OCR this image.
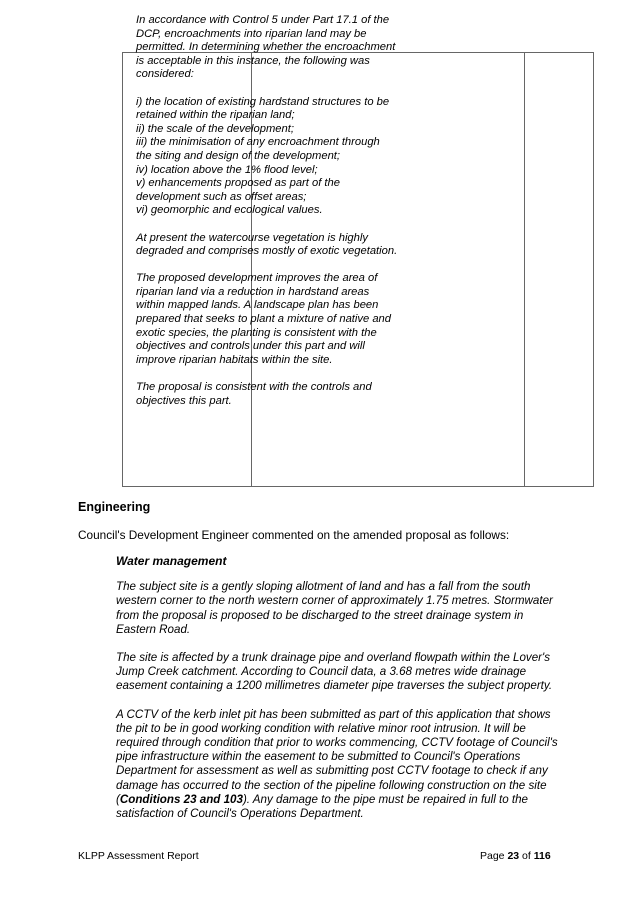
In accordance with Control 5 under Part 17.1 of the DCP, encroachments into riparian land may be permitted. In determining whether the encroachment is acceptable in this instance, the following was considered:

i) the location of existing hardstand structures to be retained within the riparian land;
ii) the scale of the development;
iii) the minimisation of any encroachment through the siting and design of the development;
iv) location above the 1% flood level;
v) enhancements proposed as part of the development such as offset areas;
vi) geomorphic and ecological values.

At present the watercourse vegetation is highly degraded and comprises mostly of exotic vegetation.

The proposed development improves the area of riparian land via a reduction in hardstand areas within mapped lands. A landscape plan has been prepared that seeks to plant a mixture of native and exotic species, the planting is consistent with the objectives and controls under this part and will improve riparian habitats within the site.

The proposal is consistent with the controls and objectives this part.

Engineering
Council's Development Engineer commented on the amended proposal as follows:
Water management

The subject site is a gently sloping allotment of land and has a fall from the south western corner to the north western corner of approximately 1.75 metres. Stormwater from the proposal is proposed to be discharged to the street drainage system in Eastern Road.

The site is affected by a trunk drainage pipe and overland flowpath within the Lover's Jump Creek catchment. According to Council data, a 3.68 metres wide drainage easement containing a 1200 millimetres diameter pipe traverses the subject property.

A CCTV of the kerb inlet pit has been submitted as part of this application that shows the pit to be in good working condition with relative minor root intrusion. It will be required through condition that prior to works commencing, CCTV footage of Council's pipe infrastructure within the easement to be submitted to Council's Operations Department for assessment as well as submitting post CCTV footage to check if any damage has occurred to the section of the pipeline following construction on the site (Conditions 23 and 103). Any damage to the pipe must be repaired in full to the satisfaction of Council's Operations Department.

KLPP Assessment Report	Page 23 of 116
